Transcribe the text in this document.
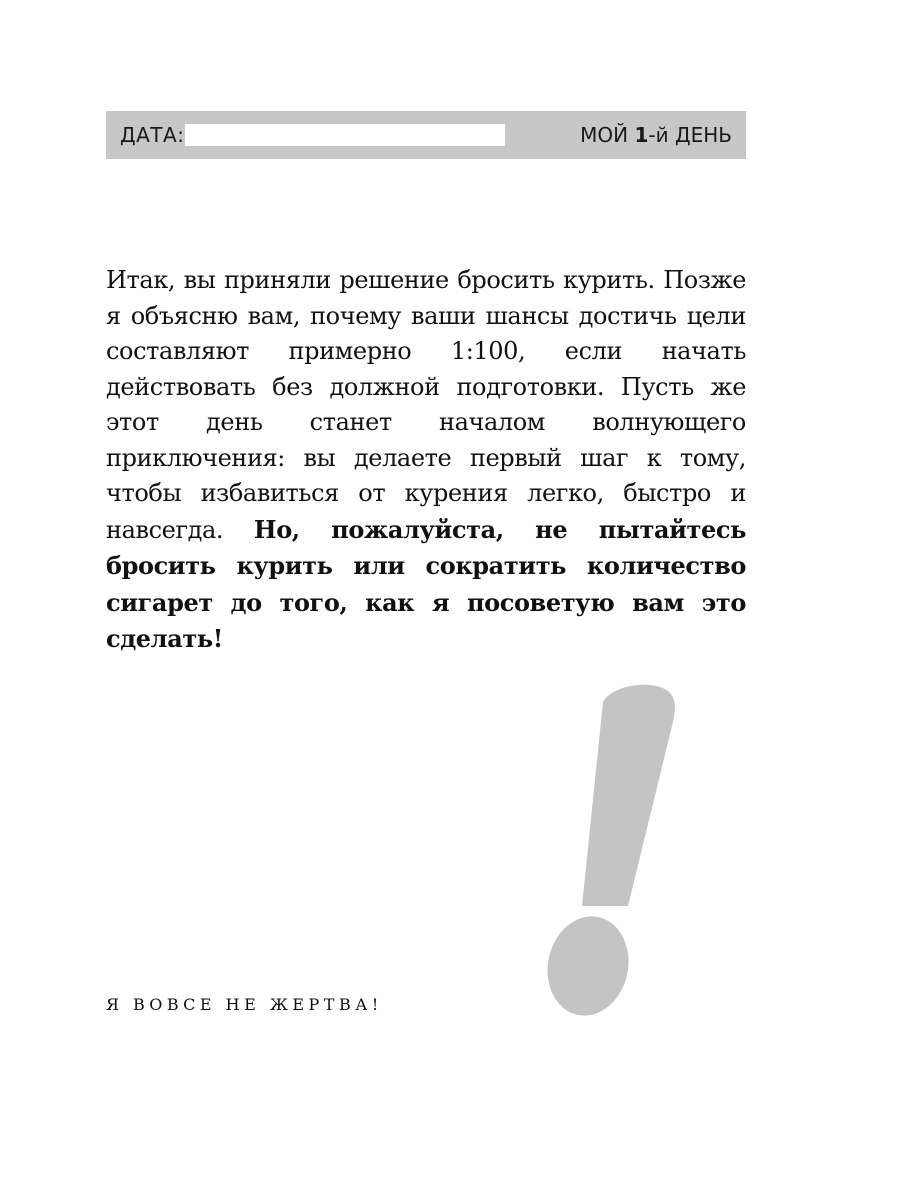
ДАТА:	МОЙ 1-й ДЕНЬ

Итак, вы приняли решение бросить курить. Позже я объясню вам, почему ваши шансы достичь цели составляют примерно 1:100, если начать действовать без должной подготовки. Пусть же этот день станет началом волнующего приключения: вы делаете первый шаг к тому, чтобы избавиться от курения легко, быстро и навсегда. Но, пожалуйста, не пытайтесь бросить курить или сократить количество сигарет до того, как я посоветую вам это сделать!

Я ВОВСЕ НЕ ЖЕРТВА!
